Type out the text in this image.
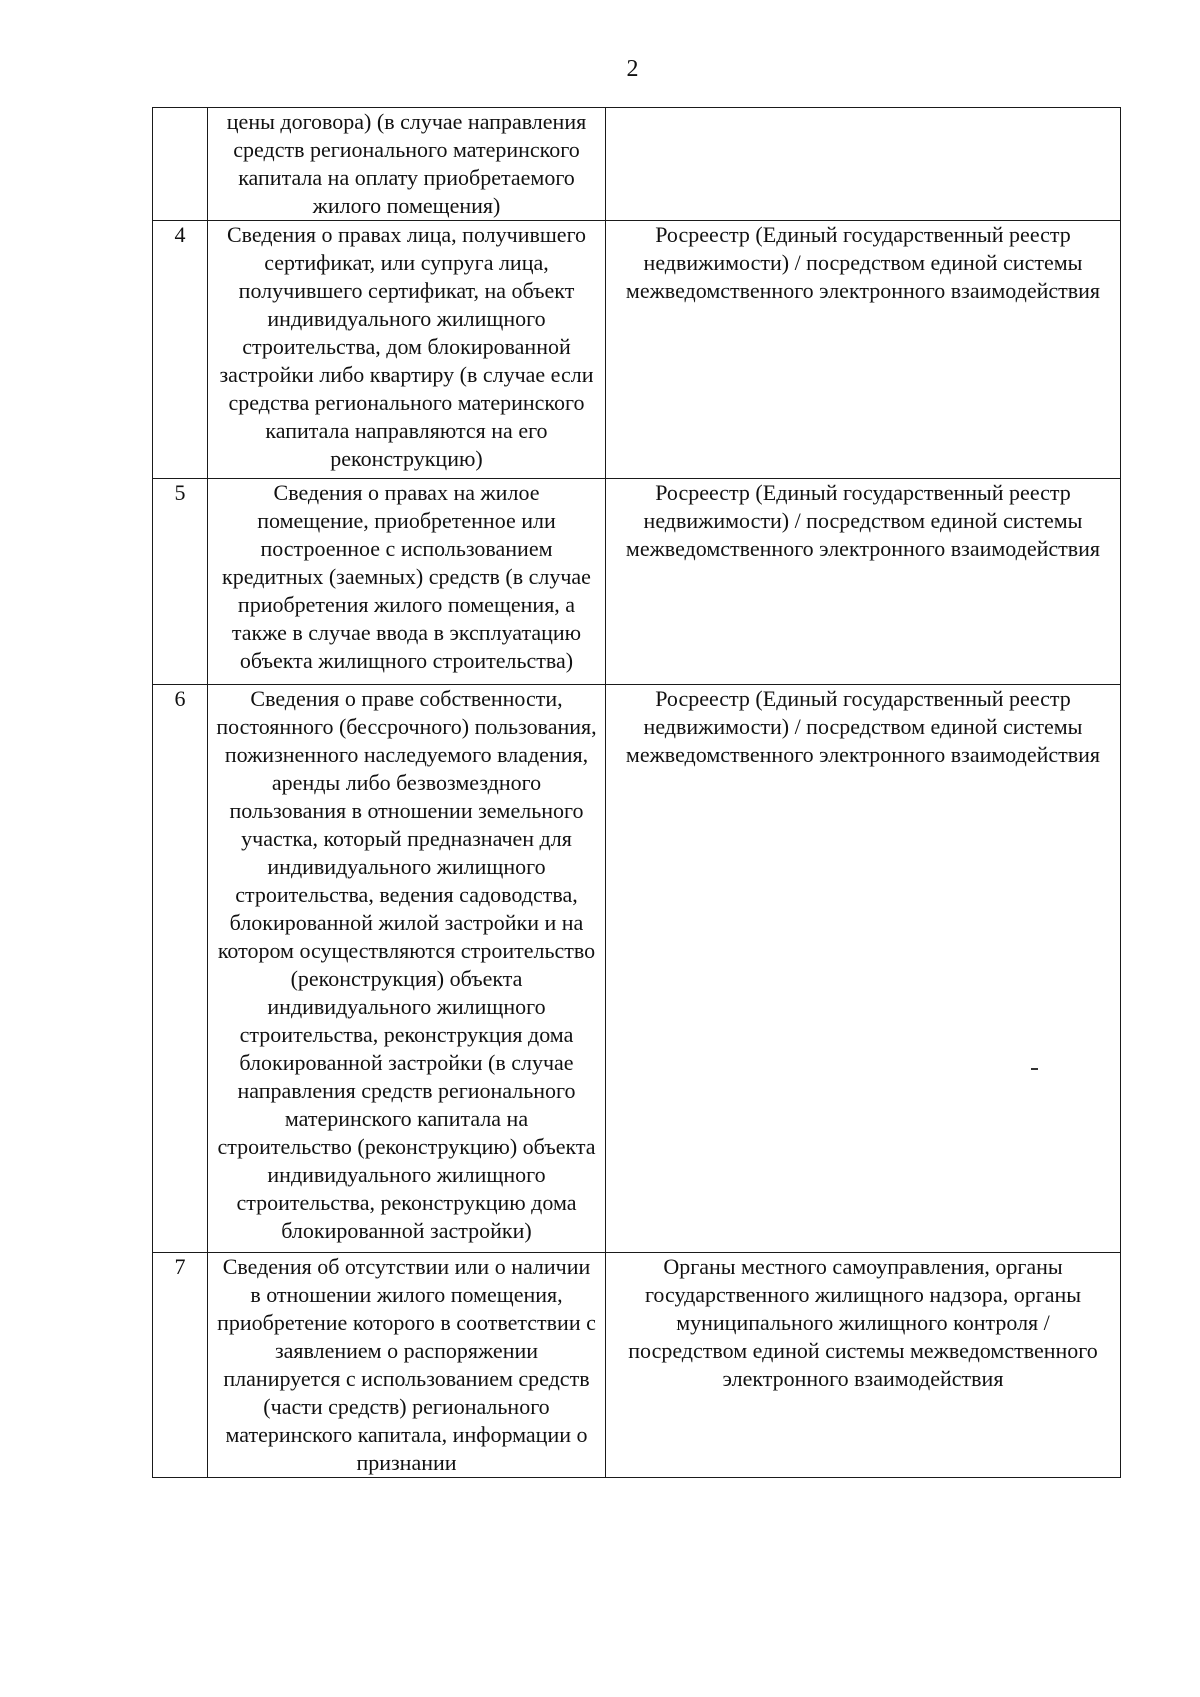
2
	цены договора) (в случае направления средств регионального материнского капитала на оплату приобретаемого жилого помещения)	
4	Сведения о правах лица, получившего сертификат, или супруга лица, получившего сертификат, на объект индивидуального жилищного строительства, дом блокированной застройки либо квартиру (в случае если средства регионального материнского капитала направляются на его реконструкцию)	Росреестр (Единый государственный реестр недвижимости) / посредством единой системы межведомственного электронного взаимодействия
5	Сведения о правах на жилое помещение, приобретенное или построенное с использованием кредитных (заемных) средств (в случае приобретения жилого помещения, а также в случае ввода в эксплуатацию объекта жилищного строительства)	Росреестр (Единый государственный реестр недвижимости) / посредством единой системы межведомственного электронного взаимодействия
6	Сведения о праве собственности, постоянного (бессрочного) пользования, пожизненного наследуемого владения, аренды либо безвозмездного пользования в отношении земельного участка, который предназначен для индивидуального жилищного строительства, ведения садоводства, блокированной жилой застройки и на котором осуществляются строительство (реконструкция) объекта индивидуального жилищного строительства, реконструкция дома блокированной застройки (в случае направления средств регионального материнского капитала на строительство (реконструкцию) объекта индивидуального жилищного строительства, реконструкцию дома блокированной застройки)	Росреестр (Единый государственный реестр недвижимости) / посредством единой системы межведомственного электронного взаимодействия
7	Сведения об отсутствии или о наличии в отношении жилого помещения, приобретение которого в соответствии с заявлением о распоряжении планируется с использованием средств (части средств) регионального материнского капитала, информации о признании	Органы местного самоуправления, органы государственного жилищного надзора, органы муниципального жилищного контроля / посредством единой системы межведомственного электронного взаимодействия
